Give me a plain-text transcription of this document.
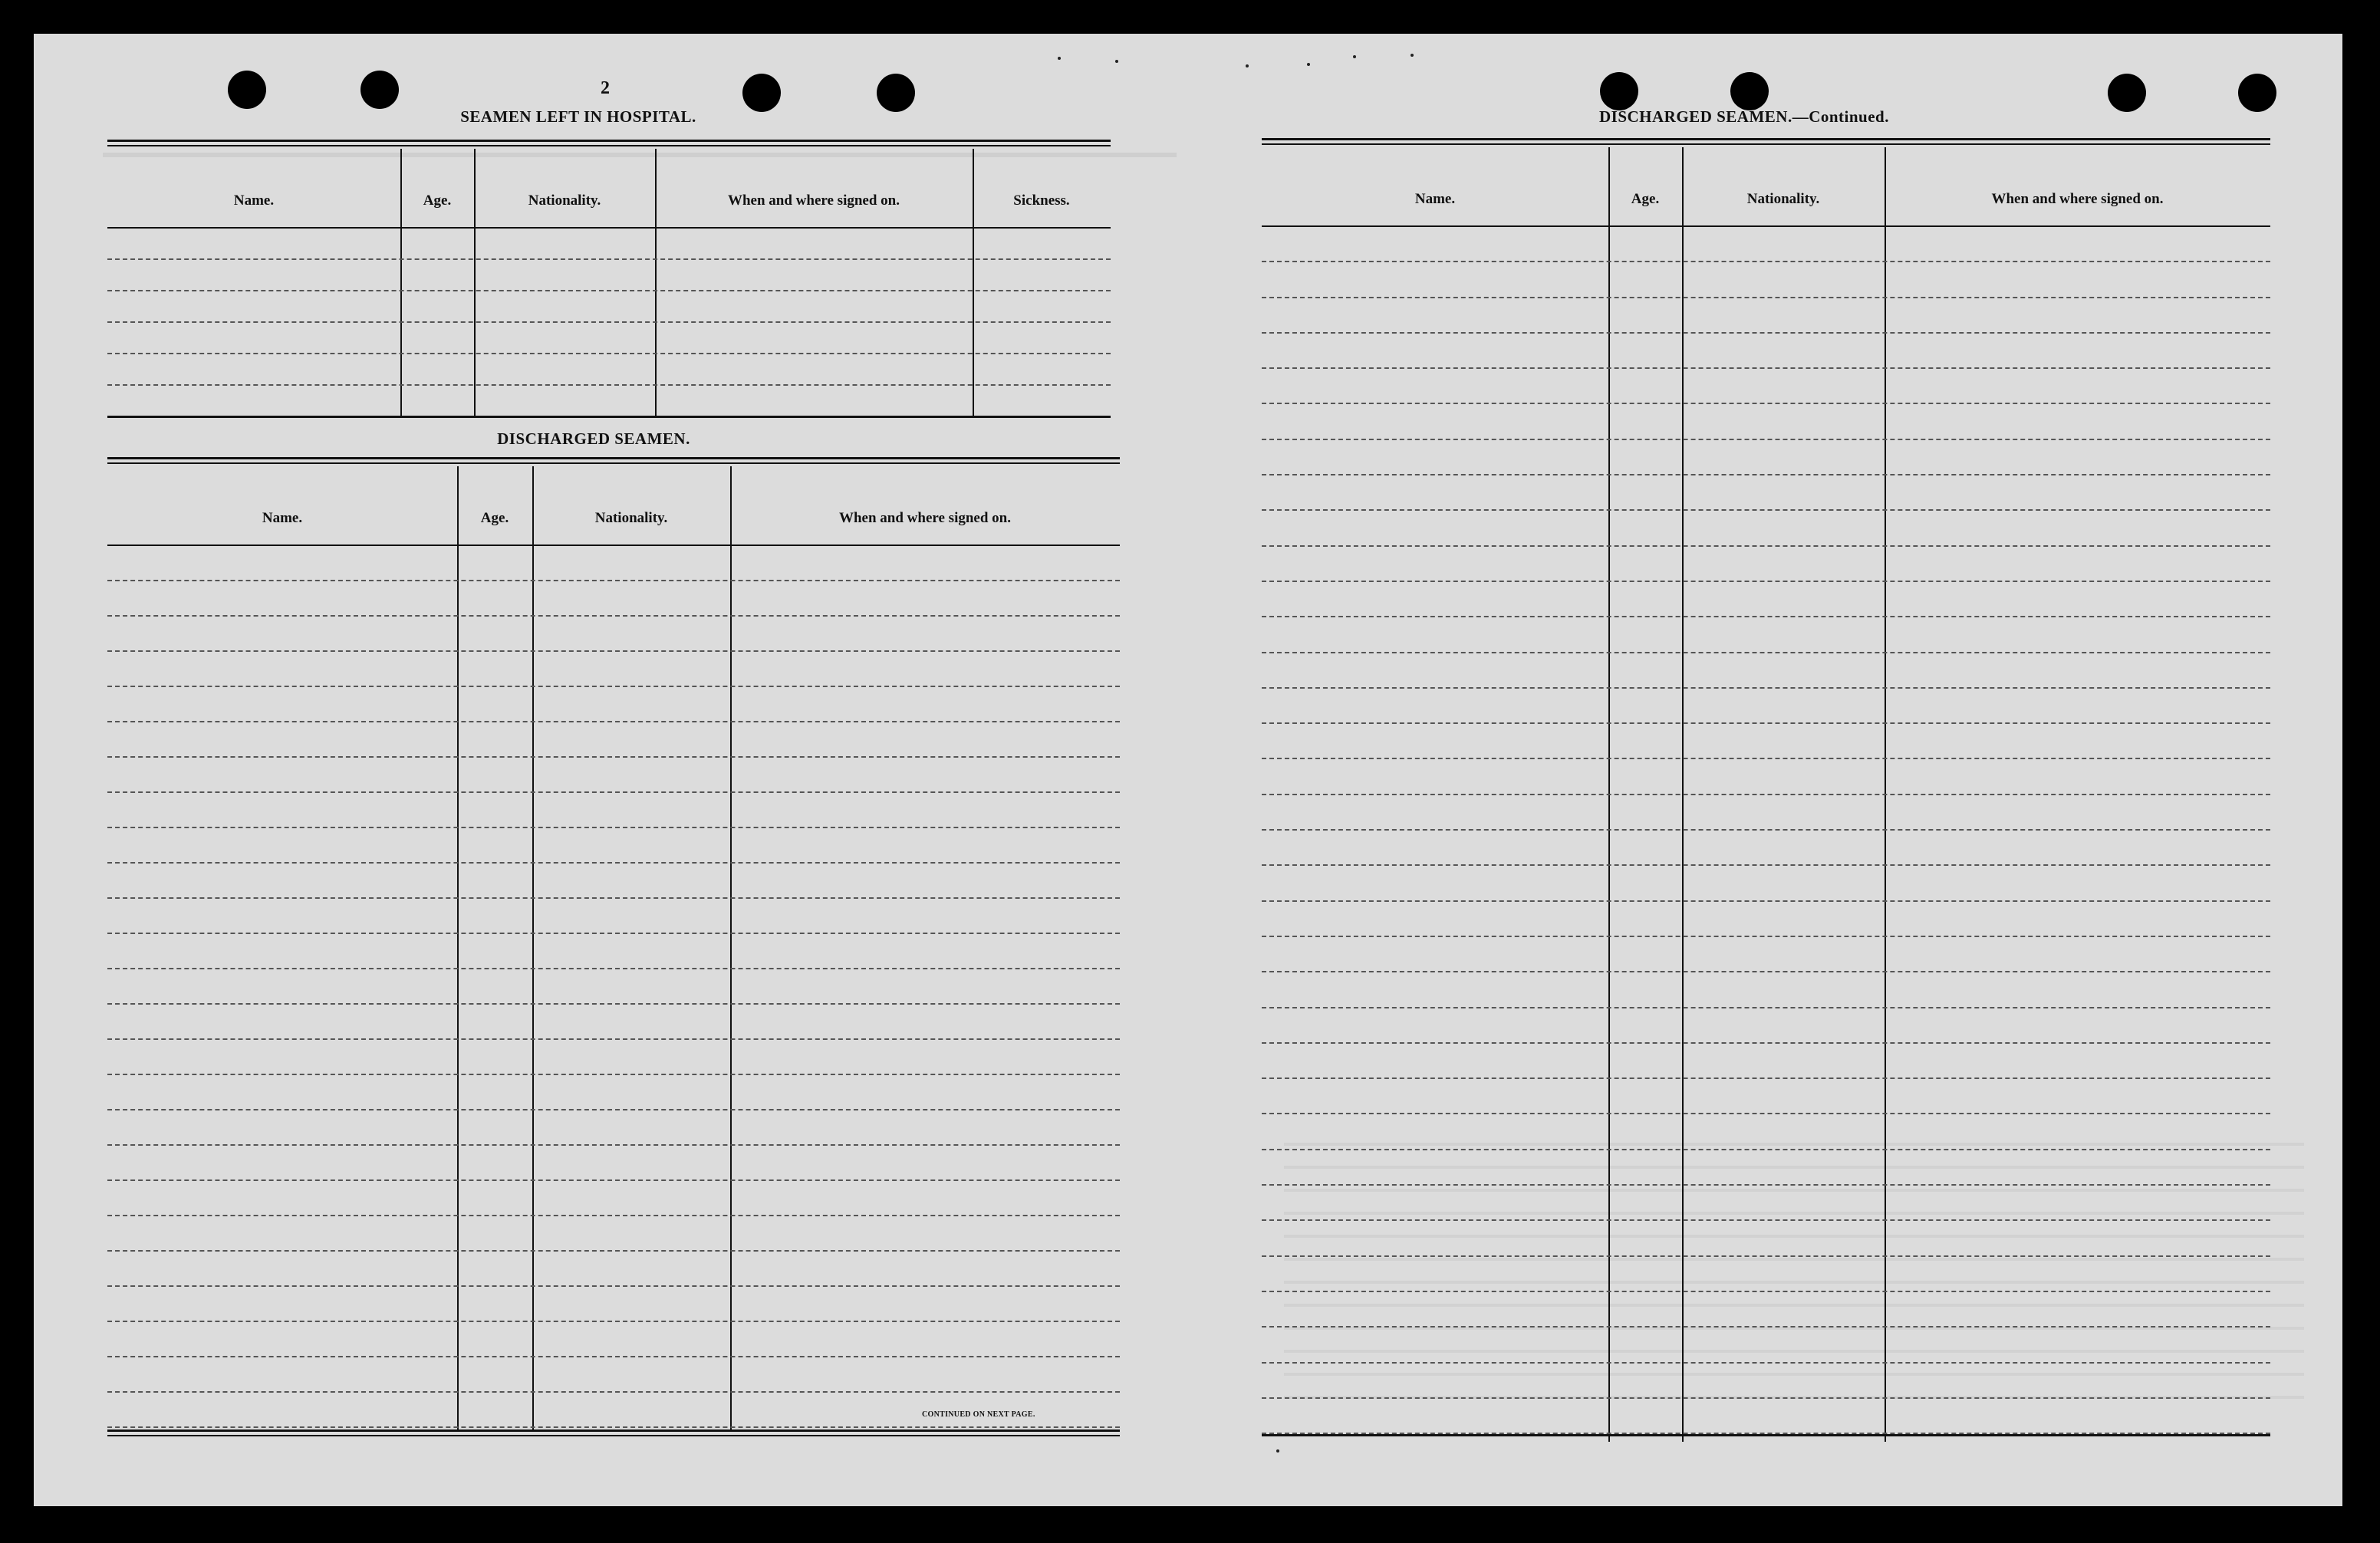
2
SEAMEN LEFT IN HOSPITAL.
Name.	Age.	Nationality.	When and where signed on.	Sickness.
DISCHARGED SEAMEN.
Name.	Age.	Nationality.	When and where signed on.
CONTINUED ON NEXT PAGE.
DISCHARGED SEAMEN.—Continued.
Name.	Age.	Nationality.	When and where signed on.
